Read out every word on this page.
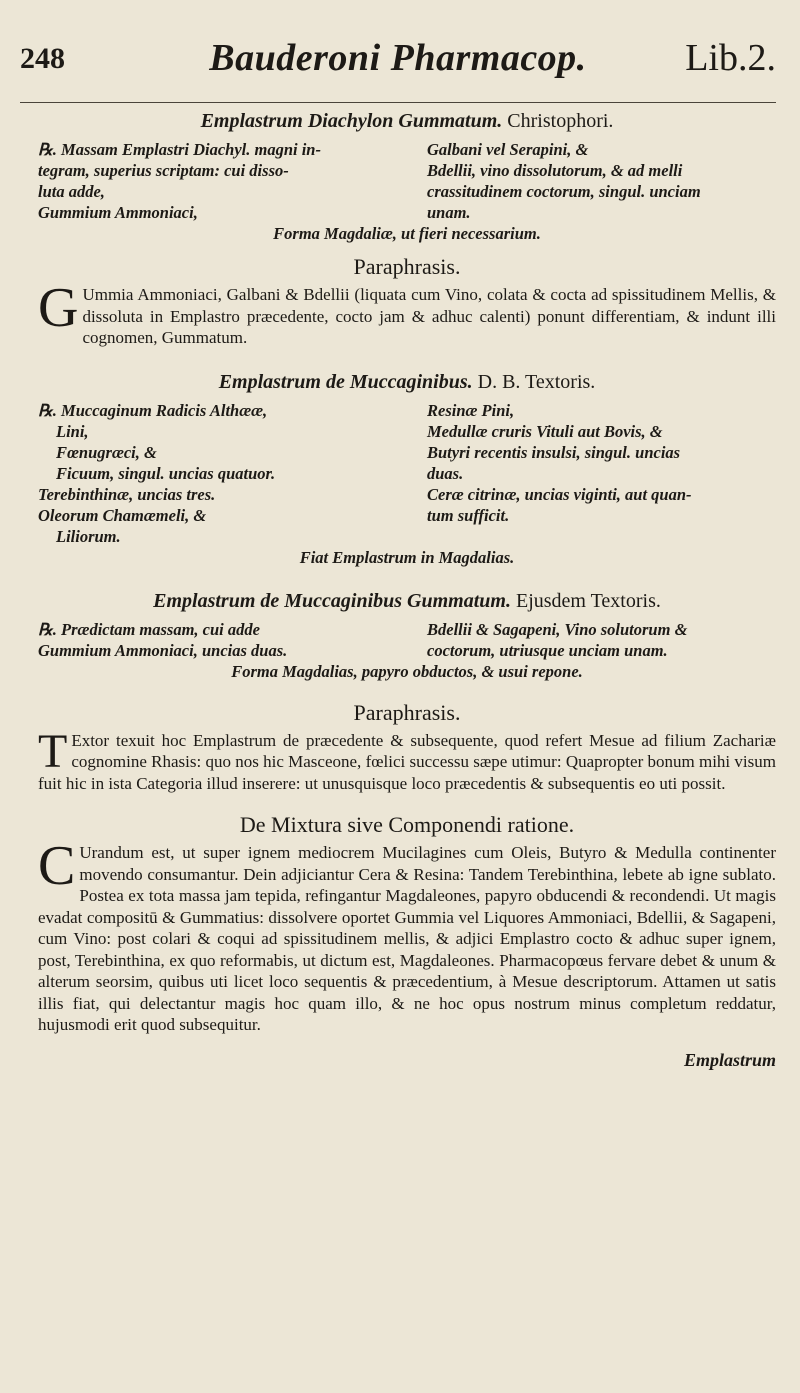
248	Bauderoni Pharmacop.	Lib.2.
Emplastrum Diachylon Gummatum. Christophori.

℞. Massam Emplastri Diachyl. magni in-

tegram, superius scriptam: cui disso-

luta adde,

Gummium Ammoniaci,

Galbani vel Serapini, &

Bdellii, vino dissolutorum, & ad melli

crassitudinem coctorum, singul. unciam

unam.

Forma Magdaliæ, ut fieri necessarium.

Paraphrasis.

G Ummia Ammoniaci, Galbani & Bdellii (liquata cum Vino, colata & cocta ad spissitudinem Mellis, & dissoluta in Emplastro præcedente, cocto jam & adhuc calenti) ponunt differentiam, & indunt illi cognomen, Gummatum.

Emplastrum de Muccaginibus. D. B. Textoris.

℞. Muccaginum Radicis Althææ,

Lini,

Fœnugræci, &

Ficuum, singul. uncias quatuor.

Terebinthinæ, uncias tres.

Oleorum Chamæmeli, &

Liliorum.

Resinæ Pini,

Medullæ cruris Vituli aut Bovis, &

Butyri recentis insulsi, singul. uncias

duas.

Ceræ citrinæ, uncias viginti, aut quan-

tum sufficit.

Fiat Emplastrum in Magdalias.

Emplastrum de Muccaginibus Gummatum. Ejusdem Textoris.

℞. Prædictam massam, cui adde

Gummium Ammoniaci, uncias duas.

Bdellii & Sagapeni, Vino solutorum &

coctorum, utriusque unciam unam.

Forma Magdalias, papyro obductos, & usui repone.

Paraphrasis.

T Extor texuit hoc Emplastrum de præcedente & subsequente, quod refert Mesue ad filium Zachariæ cognomine Rhasis: quo nos hic Masceone, fœlici successu sæpe utimur: Quapropter bonum mihi visum fuit hic in ista Categoria illud inserere: ut unusquisque loco præcedentis & subsequentis eo uti possit.

De Mixtura sive Componendi ratione.

C Urandum est, ut super ignem mediocrem Mucilagines cum Oleis, Butyro & Medulla continenter movendo consumantur. Dein adjiciantur Cera & Resina: Tandem Terebinthina, lebete ab igne sublato. Postea ex tota massa jam tepida, refingantur Magdaleones, papyro obducendi & recondendi. Ut magis evadat compositū & Gummatius: dissolvere oportet Gummia vel Liquores Ammoniaci, Bdellii, & Sagapeni, cum Vino: post colari & coqui ad spissitudinem mellis, & adjici Emplastro cocto & adhuc super ignem, post, Terebinthina, ex quo reformabis, ut dictum est, Magdaleones. Pharmacopœus fervare debet & unum & alterum seorsim, quibus uti licet loco sequentis & præcedentium, à Mesue descriptorum. Attamen ut satis illis fiat, qui delectantur magis hoc quam illo, & ne hoc opus nostrum minus completum reddatur, hujusmodi erit quod subsequitur.

Emplastrum
